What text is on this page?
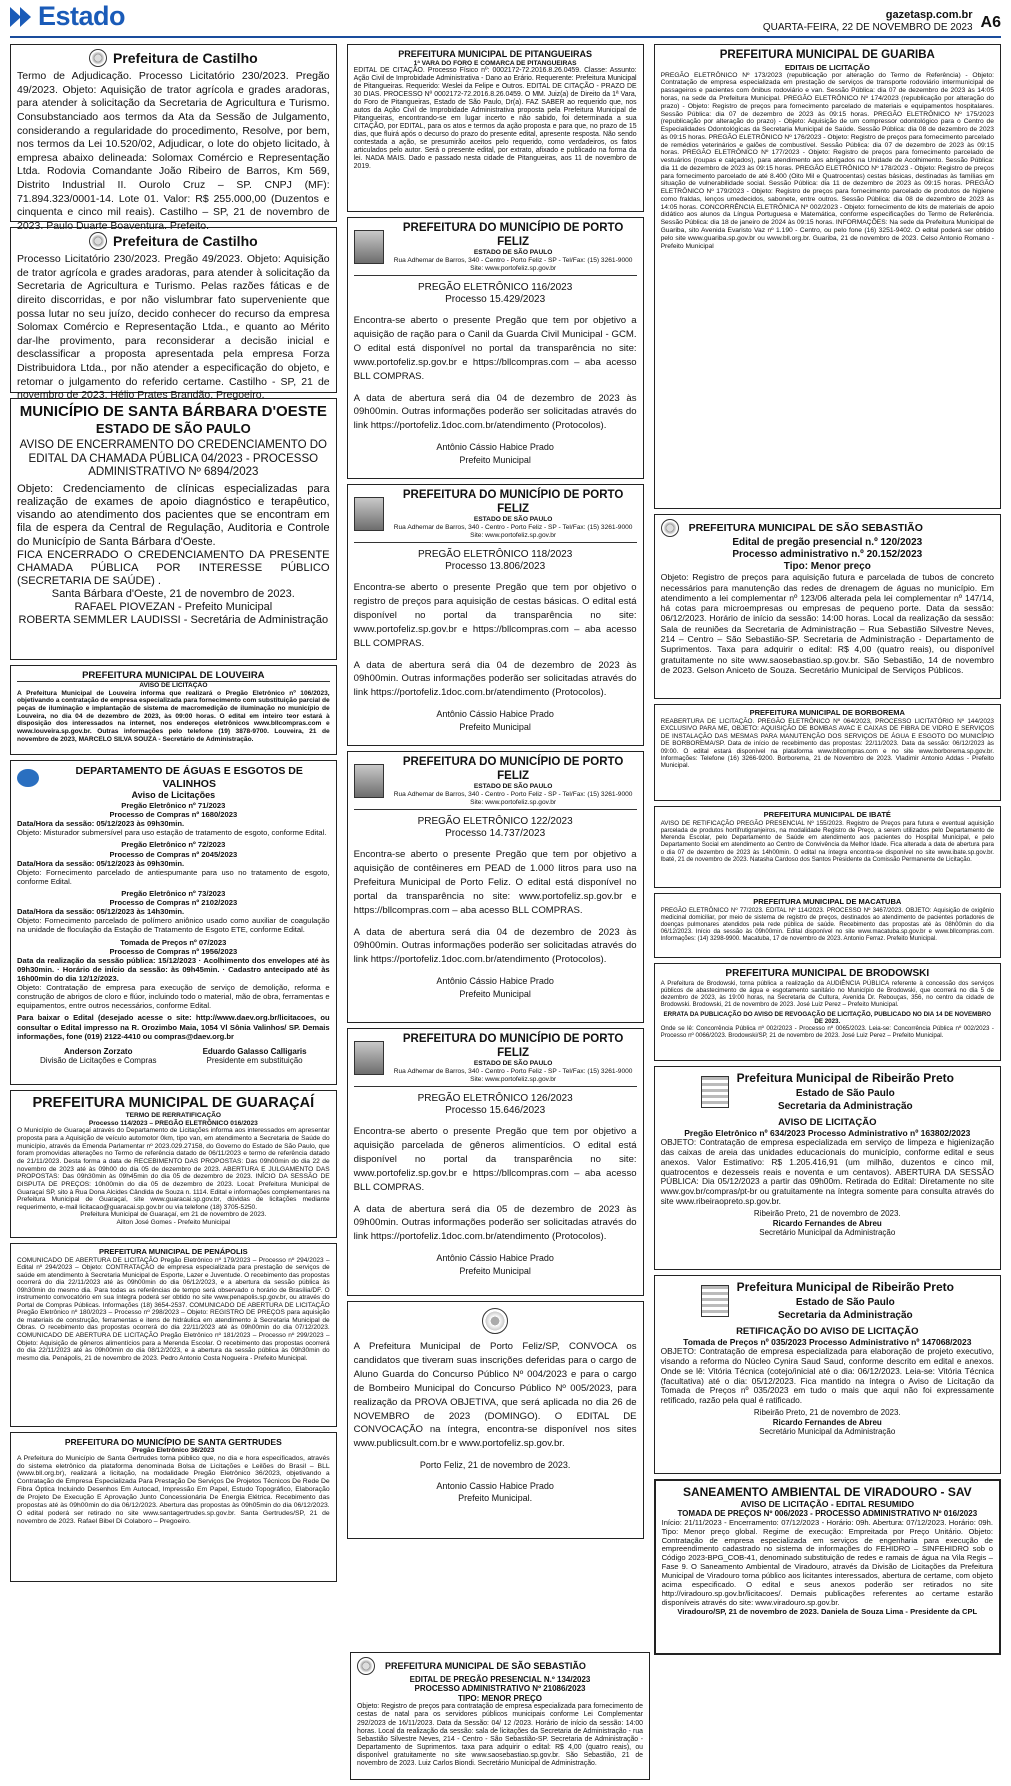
Estado	gazetasp.com.br
QUARTA-FEIRA, 22 DE NOVEMBRO DE 2023 A6
Prefeitura de Castilho

Termo de Adjudicação. Processo Licitatório 230/2023. Pregão 49/2023. Objeto: Aquisição de trator agrícola e grades aradoras, para atender à solicitação da Secretaria de Agricultura e Turismo. Consubstanciado aos termos da Ata da Sessão de Julgamento, considerando a regularidade do procedimento, Resolve, por bem, nos termos da Lei 10.520/02, Adjudicar, o lote do objeto licitado, à empresa abaixo delineada: Solomax Comércio e Representação Ltda. Rodovia Comandante João Ribeiro de Barros, Km 569, Distrito Industrial II. Ourolo Cruz – SP. CNPJ (MF): 71.894.323/0001-14. Lote 01. Valor: R$ 255.000,00 (Duzentos e cinquenta e cinco mil reais). Castilho – SP, 21 de novembro de 2023. Paulo Duarte Boaventura. Prefeito.

Prefeitura de Castilho

Processo Licitatório 230/2023. Pregão 49/2023. Objeto: Aquisição de trator agrícola e grades aradoras, para atender à solicitação da Secretaria de Agricultura e Turismo. Pelas razões fáticas e de direito discorridas, e por não vislumbrar fato superveniente que possa lutar no seu juízo, decido conhecer do recurso da empresa Solomax Comércio e Representação Ltda., e quanto ao Mérito dar-lhe provimento, para reconsiderar a decisão inicial e desclassificar a proposta apresentada pela empresa Forza Distribuidora Ltda., por não atender a especificação do objeto, e retomar o julgamento do referido certame. Castilho - SP, 21 de novembro de 2023. Hélio Prates Brandão. Pregoeiro.

MUNICÍPIO DE SANTA BÁRBARA D'OESTE
ESTADO DE SÃO PAULO
AVISO DE ENCERRAMENTO DO CREDENCIAMENTO DO EDITAL DA CHAMADA PÚBLICA 04/2023 - PROCESSO ADMINISTRATIVO Nº 6894/2023

Objeto: Credenciamento de clínicas especializadas para realização de exames de apoio diagnóstico e terapêutico, visando ao atendimento dos pacientes que se encontram em fila de espera da Central de Regulação, Auditoria e Controle do Município de Santa Bárbara d'Oeste.

FICA ENCERRADO O CREDENCIAMENTO DA PRESENTE CHAMADA PÚBLICA POR INTERESSE PÚBLICO (SECRETARIA DE SAÚDE) .

Santa Bárbara d'Oeste, 21 de novembro de 2023.
RAFAEL PIOVEZAN - Prefeito Municipal
ROBERTA SEMMLER LAUDISSI - Secretária de Administração
PREFEITURA MUNICIPAL DE LOUVEIRA
AVISO DE LICITAÇÃO

A Prefeitura Municipal de Louveira informa que realizará o Pregão Eletrônico nº 106/2023, objetivando a contratação de empresa especializada para fornecimento com substituição parcial de peças de iluminação e implantação de sistema de macromedição de iluminação no município de Louveira, no dia 04 de dezembro de 2023, às 09:00 horas. O edital em inteiro teor estará à disposição dos interessados na internet, nos endereços eletrônicos www.bllcompras.com e www.louveira.sp.gov.br. Outras informações pelo telefone (19) 3878-9700. Louveira, 21 de novembro de 2023, MARCELO SILVA SOUZA - Secretário de Administração.

DEPARTAMENTO DE ÁGUAS E ESGOTOS DE VALINHOS
Aviso de Licitações
Pregão Eletrônico nº 71/2023
Processo de Compras nº 1680/2023
Data/Hora da sessão: 05/12/2023 às 09h30min.

Objeto: Misturador submersível para uso estação de tratamento de esgoto, conforme Edital.

Pregão Eletrônico nº 72/2023
Processo de Compras nº 2045/2023
Data/Hora da sessão: 05/12/2023 às 09h30min.

Objeto: Fornecimento parcelado de antiespumante para uso no tratamento de esgoto, conforme Edital.

Pregão Eletrônico nº 73/2023
Processo de Compras nº 2102/2023
Data/Hora da sessão: 05/12/2023 às 14h30min.

Objeto: Fornecimento parcelado de polímero aniônico usado como auxiliar de coagulação na unidade de floculação da Estação de Tratamento de Esgoto ETE, conforme Edital.

Tomada de Preços nº 07/2023
Processo de Compras nº 1956/2023

Data da realização da sessão pública: 15/12/2023 · Acolhimento dos envelopes até às 09h30min. · Horário de início da sessão: às 09h45min. · Cadastro antecipado até às 16h00min do dia 12/12/2023.

Objeto: Contratação de empresa para execução de serviço de demolição, reforma e construção de abrigos de cloro e flúor, incluindo todo o material, mão de obra, ferramentas e equipamentos, entre outros necessários, conforme Edital.

Para baixar o Edital (desejado acesse o site: http://www.daev.org.br/licitacoes, ou consultar o Edital impresso na R. Orozimbo Maia, 1054 Vl Sônia Valinhos/ SP. Demais informações, fone (019) 2122-4410 ou compras@daev.org.br

Anderson Zorzato
Divisão de Licitações e Compras
Eduardo Galasso Calligaris
Presidente em substituição
PREFEITURA MUNICIPAL DE GUARAÇAÍ
TERMO DE RERRATIFICAÇÃO
Processo 114/2023 – PREGÃO ELETRÔNICO 016/2023

O Município de Guaraçaí através do Departamento de Licitações informa aos interessados em apresentar proposta para a Aquisição de veículo automotor 0km, tipo van, em atendimento a Secretaria de Saúde do município, através da Emenda Parlamentar nº 2023.029.27158, do Governo do Estado de São Paulo, que foram promovidas alterações no Termo de referência datado de 06/11/2023 e termo de referência datado de 21/11/2023. Desta forma a data de RECEBIMENTO DAS PROPOSTAS: Das 09h00min do dia 22 de novembro de 2023 até às 09h00 do dia 05 de dezembro de 2023. ABERTURA E JULGAMENTO DAS PROPOSTAS: Das 09h30min às 09h45min do dia 05 de dezembro de 2023. INÍCIO DA SESSÃO DE DISPUTA DE PREÇOS: 10h00min do dia 05 de dezembro de 2023. Local: Prefeitura Municipal de Guaraçaí SP, sito à Rua Dona Alcides Cândida de Souza n. 1114. Edital e informações complementares na Prefeitura Municipal de Guaraçaí, site www.guaracai.sp.gov.br, dúvidas de licitações mediante requerimento, e-mail licitacao@guaracai.sp.gov.br ou via telefone (18) 3705-5250.

Prefeitura Municipal de Guaraçaí, em 21 de novembro de 2023.
Ailton José Gomes - Prefeito Municipal
PREFEITURA MUNICIPAL DE PENÁPOLIS

COMUNICADO DE ABERTURA DE LICITAÇÃO Pregão Eletrônico nº 179/2023 – Processo nº 294/2023 – Edital nº 294/2023 – Objeto: CONTRATAÇÃO de empresa especializada para prestação de serviços de saúde em atendimento à Secretaria Municipal de Esporte, Lazer e Juventude. O recebimento das propostas ocorrerá do dia 22/11/2023 até às 09h00min do dia 06/12/2023, e a abertura da sessão pública às 09h30min do mesmo dia. Para todas as referências de tempo será observado o horário de Brasília/DF. O instrumento convocatório em sua íntegra poderá ser obtido no site www.penapolis.sp.gov.br, ou através do Portal de Compras Públicas. Informações (18) 3654-2537. COMUNICADO DE ABERTURA DE LICITAÇÃO Pregão Eletrônico nº 180/2023 – Processo nº 298/2023 – Objeto: REGISTRO DE PREÇOS para aquisição de materiais de construção, ferramentas e itens de hidráulica em atendimento à Secretaria Municipal de Obras. O recebimento das propostas ocorrerá do dia 22/11/2023 até às 09h00min do dia 07/12/2023. COMUNICADO DE ABERTURA DE LICITAÇÃO Pregão Eletrônico nº 181/2023 – Processo nº 299/2023 – Objeto: Aquisição de gêneros alimentícios para a Merenda Escolar. O recebimento das propostas ocorrerá do dia 22/11/2023 até às 09h00min do dia 08/12/2023, e a abertura da sessão pública às 09h30min do mesmo dia. Penápolis, 21 de novembro de 2023. Pedro Antonio Costa Nogueira - Prefeito Municipal.

PREFEITURA DO MUNICÍPIO DE SANTA GERTRUDES
Pregão Eletrônico 36/2023

A Prefeitura do Município de Santa Gertrudes torna público que, no dia e hora especificados, através do sistema eletrônico da plataforma denominada Bolsa de Licitações e Leilões do Brasil – BLL (www.bll.org.br), realizará a licitação, na modalidade Pregão Eletrônico 36/2023, objetivando a Contratação de Empresa Especializada Para Prestação De Serviços De Projetos Técnicos De Rede De Fibra Óptica Incluindo Desenhos Em Autocad, Impressão Em Papel, Estudo Topográfico, Elaboração de Projeto De Execução E Aprovação Junto Concessionária De Energia Elétrica. Recebimento das propostas até às 09h00min do dia 06/12/2023. Abertura das propostas às 09h05min do dia 06/12/2023. O edital poderá ser retirado no site www.santagertrudes.sp.gov.br. Santa Gertrudes/SP, 21 de novembro de 2023. Rafael Bibel Di Colaboro – Pregoeiro.

PREFEITURA MUNICIPAL DE PITANGUEIRAS
1ª VARA DO FORO E COMARCA DE PITANGUEIRAS

EDITAL DE CITAÇÃO. Processo Físico nº: 0002172-72.2016.8.26.0459. Classe: Assunto: Ação Civil de Improbidade Administrativa - Dano ao Erário. Requerente: Prefeitura Municipal de Pitangueiras. Requerido: Weslei da Felipe e Outros. EDITAL DE CITAÇÃO - PRAZO DE 30 DIAS. PROCESSO Nº 0002172-72.2016.8.26.0459. O MM. Juiz(a) de Direito da 1ª Vara, do Foro de Pitangueiras, Estado de São Paulo, Dr(a). FAZ SABER ao requerido que, nos autos da Ação Civil de Improbidade Administrativa proposta pela Prefeitura Municipal de Pitangueiras, encontrando-se em lugar incerto e não sabido, foi determinada a sua CITAÇÃO, por EDITAL, para os atos e termos da ação proposta e para que, no prazo de 15 dias, que fluirá após o decurso do prazo do presente edital, apresente resposta. Não sendo contestada a ação, se presumirão aceitos pelo requerido, como verdadeiros, os fatos articulados pelo autor. Será o presente edital, por extrato, afixado e publicado na forma da lei. NADA MAIS. Dado e passado nesta cidade de Pitangueiras, aos 11 de novembro de 2019.

PREFEITURA DO MUNICÍPIO DE PORTO FELIZ
ESTADO DE SÃO PAULO
Rua Adhemar de Barros, 340 - Centro - Porto Feliz - SP - Tel/Fax: (15) 3261-9000
Site: www.portofeliz.sp.gov.br
PREGÃO ELETRÔNICO 116/2023
Processo 15.429/2023

Encontra-se aberto o presente Pregão que tem por objetivo a aquisição de ração para o Canil da Guarda Civil Municipal - GCM. O edital está disponível no portal da transparência no site: www.portofeliz.sp.gov.br e https://bllcompras.com – aba acesso BLL COMPRAS.

A data de abertura será dia 04 de dezembro de 2023 às 09h00min. Outras informações poderão ser solicitadas através do link https://portofeliz.1doc.com.br/atendimento (Protocolos).

Antônio Cássio Habice Prado
Prefeito Municipal
PREFEITURA DO MUNICÍPIO DE PORTO FELIZ
ESTADO DE SÃO PAULO
Rua Adhemar de Barros, 340 - Centro - Porto Feliz - SP - Tel/Fax: (15) 3261-9000
Site: www.portofeliz.sp.gov.br
PREGÃO ELETRÔNICO 118/2023
Processo 13.806/2023

Encontra-se aberto o presente Pregão que tem por objetivo o registro de preços para aquisição de cestas básicas. O edital está disponível no portal da transparência no site: www.portofeliz.sp.gov.br e https://bllcompras.com – aba acesso BLL COMPRAS.

A data de abertura será dia 04 de dezembro de 2023 às 09h00min. Outras informações poderão ser solicitadas através do link https://portofeliz.1doc.com.br/atendimento (Protocolos).

Antônio Cássio Habice Prado
Prefeito Municipal
PREFEITURA DO MUNICÍPIO DE PORTO FELIZ
ESTADO DE SÃO PAULO
Rua Adhemar de Barros, 340 - Centro - Porto Feliz - SP - Tel/Fax: (15) 3261-9000
Site: www.portofeliz.sp.gov.br
PREGÃO ELETRÔNICO 122/2023
Processo 14.737/2023

Encontra-se aberto o presente Pregão que tem por objetivo a aquisição de contêineres em PEAD de 1.000 litros para uso na Prefeitura Municipal de Porto Feliz. O edital está disponível no portal da transparência no site: www.portofeliz.sp.gov.br e https://bllcompras.com – aba acesso BLL COMPRAS.

A data de abertura será dia 04 de dezembro de 2023 às 09h00min. Outras informações poderão ser solicitadas através do link https://portofeliz.1doc.com.br/atendimento (Protocolos).

Antônio Cássio Habice Prado
Prefeito Municipal
PREFEITURA DO MUNICÍPIO DE PORTO FELIZ
ESTADO DE SÃO PAULO
Rua Adhemar de Barros, 340 - Centro - Porto Feliz - SP - Tel/Fax: (15) 3261-9000
Site: www.portofeliz.sp.gov.br
PREGÃO ELETRÔNICO 126/2023
Processo 15.646/2023

Encontra-se aberto o presente Pregão que tem por objetivo a aquisição parcelada de gêneros alimentícios. O edital está disponível no portal da transparência no site: www.portofeliz.sp.gov.br e https://bllcompras.com – aba acesso BLL COMPRAS.

A data de abertura será dia 05 de dezembro de 2023 às 09h00min. Outras informações poderão ser solicitadas através do link https://portofeliz.1doc.com.br/atendimento (Protocolos).

Antônio Cássio Habice Prado
Prefeito Municipal

A Prefeitura Municipal de Porto Feliz/SP, CONVOCA os candidatos que tiveram suas inscrições deferidas para o cargo de Aluno Guarda do Concurso Público Nº 004/2023 e para o cargo de Bombeiro Municipal do Concurso Público Nº 005/2023, para realização da PROVA OBJETIVA, que será aplicada no dia 26 de NOVEMBRO de 2023 (DOMINGO). O EDITAL DE CONVOCAÇÃO na íntegra, encontra-se disponível nos sites www.publicsult.com.br e www.portofeliz.sp.gov.br.

Porto Feliz, 21 de novembro de 2023.
Antonio Cassio Habice Prado
Prefeito Municipal.
PREFEITURA MUNICIPAL DE GUARIBA
EDITAIS DE LICITAÇÃO

PREGÃO ELETRÔNICO Nº 173/2023 (republicação por alteração do Termo de Referência) - Objeto: Contratação de empresa especializada em prestação de serviços de transporte rodoviário intermunicipal de passageiros e pacientes com ônibus rodoviário e van. Sessão Pública: dia 07 de dezembro de 2023 às 14:05 horas, na sede da Prefeitura Municipal. PREGÃO ELETRÔNICO Nº 174/2023 (republicação por alteração do prazo) - Objeto: Registro de preços para fornecimento parcelado de materiais e equipamentos hospitalares. Sessão Pública: dia 07 de dezembro de 2023 às 09:15 horas. PREGÃO ELETRÔNICO Nº 175/2023 (republicação por alteração do prazo) - Objeto: Aquisição de um compressor odontológico para o Centro de Especialidades Odontológicas da Secretaria Municipal de Saúde. Sessão Pública: dia 08 de dezembro de 2023 às 09:15 horas. PREGÃO ELETRÔNICO Nº 176/2023 - Objeto: Registro de preços para fornecimento parcelado de remédios veterinários e galões de combustível. Sessão Pública: dia 07 de dezembro de 2023 às 09:15 horas. PREGÃO ELETRÔNICO Nº 177/2023 - Objeto: Registro de preços para fornecimento parcelado de vestuários (roupas e calçados), para atendimento aos abrigados na Unidade de Acolhimento. Sessão Pública: dia 11 de dezembro de 2023 às 09:15 horas. PREGÃO ELETRÔNICO Nº 178/2023 - Objeto: Registro de preços para fornecimento parcelado de até 8.400 (Oito Mil e Quatrocentas) cestas básicas, destinadas às famílias em situação de vulnerabilidade social. Sessão Pública: dia 11 de dezembro de 2023 às 09:15 horas. PREGÃO ELETRÔNICO Nº 179/2023 - Objeto: Registro de preços para fornecimento parcelado de produtos de higiene como fraldas, lenços umedecidos, sabonete, entre outros. Sessão Pública: dia 08 de dezembro de 2023 às 14:05 horas. CONCORRÊNCIA ELETRÔNICA Nº 002/2023 - Objeto: fornecimento de kits de materiais de apoio didático aos alunos da Língua Portuguesa e Matemática, conforme especificações do Termo de Referência. Sessão Pública: dia 18 de janeiro de 2024 às 09:15 horas. INFORMAÇÕES: Na sede da Prefeitura Municipal de Guariba, sito Avenida Evaristo Vaz nº 1.190 - Centro, ou pelo fone (16) 3251-9402. O edital poderá ser obtido pelo site www.guariba.sp.gov.br ou www.bll.org.br. Guariba, 21 de novembro de 2023. Celso Antonio Romano - Prefeito Municipal

PREFEITURA MUNICIPAL DE SÃO SEBASTIÃO
Edital de pregão presencial n.º 120/2023
Processo administrativo n.º 20.152/2023
Tipo: Menor preço

Objeto: Registro de preços para aquisição futura e parcelada de tubos de concreto necessários para manutenção das redes de drenagem de águas no município. Em atendimento a lei complementar nº 123/06 alterada pela lei complementar nº 147/14, há cotas para microempresas ou empresas de pequeno porte. Data da sessão: 06/12/2023. Horário de início da sessão: 14:00 horas. Local da realização da sessão: Sala de reuniões da Secretaria de Administração – Rua Sebastião Silvestre Neves, 214 – Centro – São Sebastião-SP. Secretaria de Administração - Departamento de Suprimentos. Taxa para adquirir o edital: R$ 4,00 (quatro reais), ou disponível gratuitamente no site www.saosebastiao.sp.gov.br. São Sebastião, 14 de novembro de 2023. Gelson Aniceto de Souza. Secretário Municipal de Serviços Públicos.

PREFEITURA MUNICIPAL DE BORBOREMA

REABERTURA DE LICITAÇÃO. PREGÃO ELETRÔNICO Nº 064/2023, PROCESSO LICITATÓRIO Nº 144/2023 EXCLUSIVO PARA ME, OBJETO: AQUISIÇÃO DE BOMBAS AVAC E CAIXAS DE FIBRA DE VIDRO E SERVIÇOS DE INSTALAÇÃO DAS MESMAS PARA MANUTENÇÃO DOS SERVIÇOS DE ÁGUA E ESGOTO DO MUNICÍPIO DE BORBOREMA/SP. Data de início de recebimento das propostas: 22/11/2023. Data da sessão: 06/12/2023 às 09:00. O edital estará disponível na plataforma www.bllcompras.com e no site www.borborema.sp.gov.br. Informações: Telefone (16) 3266-9200. Borborema, 21 de Novembro de 2023. Vladimir Antonio Addas - Prefeito Municipal.

PREFEITURA MUNICIPAL DE IBATÉ

AVISO DE RETIFICAÇÃO PREGÃO PRESENCIAL Nº 155/2023. Registro de Preços para futura e eventual aquisição parcelada de produtos hortifrutigranjeiros, na modalidade Registro de Preço, a serem utilizados pelo Departamento de Merenda Escolar, pelo Departamento de Saúde em atendimento aos pacientes do Hospital Municipal, e pelo Departamento Social em atendimento ao Centro de Convivência da Melhor Idade. Fica alterada a data de abertura para o dia 07 de dezembro de 2023 às 14h00min. O edital na íntegra encontra-se disponível no site www.ibate.sp.gov.br. Ibaté, 21 de novembro de 2023. Natasha Cardoso dos Santos Presidente da Comissão Permanente de Licitação.

PREFEITURA MUNICIPAL DE MACATUBA

PREGÃO ELETRÔNICO Nº 77/2023. EDITAL Nº 114/2023. PROCESSO Nº 3467/2023. OBJETO: Aquisição de oxigênio medicinal domiciliar, por meio de sistema de registro de preços, destinados ao atendimento de pacientes portadores de doenças pulmonares atendidos pela rede pública de saúde. Recebimento das propostas até às 08h00min do dia 06/12/2023. Início da sessão às 09h00min. Edital disponível no site www.macatuba.sp.gov.br e www.bllcompras.com. Informações: (14) 3298-9900. Macatuba, 17 de novembro de 2023. Antonio Ferraz. Prefeito Municipal.

PREFEITURA MUNICIPAL DE BRODOWSKI

A Prefeitura de Brodowski, torna pública a realização da AUDIÊNCIA PÚBLICA referente à concessão dos serviços públicos de abastecimento de água e esgotamento sanitário no Município de Brodowski, que ocorrerá no dia 5 de dezembro de 2023, às 19:00 horas, na Secretaria de Cultura, Avenida Dr. Rebouças, 356, no centro da cidade de Brodowski. Brodowski, 21 de novembro de 2023. José Luiz Perez – Prefeito Municipal.

ERRATA DA PUBLICAÇÃO DO AVISO DE REVOGAÇÃO DE LICITAÇÃO, PUBLICADO NO DIA 14 DE NOVEMBRO DE 2023.

Onde se lê: Concorrência Pública nº 002/2023 - Processo nº 0065/2023. Leia-se: Concorrência Pública nº 002/2023 - Processo nº 0066/2023. Brodowski/SP, 21 de novembro de 2023. José Luiz Perez – Prefeito Municipal.

Prefeitura Municipal de Ribeirão Preto
Estado de São Paulo
Secretaria da Administração
AVISO DE LICITAÇÃO
Pregão Eletrônico nº 634/2023 Processo Administrativo nº 163802/2023

OBJETO: Contratação de empresa especializada em serviço de limpeza e higienização das caixas de areia das unidades educacionais do município, conforme edital e seus anexos. Valor Estimativo: R$ 1.205.416,91 (um milhão, duzentos e cinco mil, quatrocentos e dezesseis reais e noventa e um centavos). ABERTURA DA SESSÃO PÚBLICA: Dia 05/12/2023 a partir das 09h00m. Retirada do Edital: Diretamente no site www.gov.br/compras/pt-br ou gratuitamente na íntegra somente para consulta através do site www.ribeiraopreto.sp.gov.br.

Ribeirão Preto, 21 de novembro de 2023.
Ricardo Fernandes de Abreu
Secretário Municipal da Administração
Prefeitura Municipal de Ribeirão Preto
Estado de São Paulo
Secretaria da Administração
RETIFICAÇÃO DO AVISO DE LICITAÇÃO
Tomada de Preços nº 035/2023 Processo Administrativo nº 147068/2023

OBJETO: Contratação de empresa especializada para elaboração de projeto executivo, visando a reforma do Núcleo Cynira Saud Saud, conforme descrito em edital e anexos. Onde se lê: Vitória Técnica (cotejo/inicial até o dia: 06/12/2023. Leia-se: Vitória Técnica (facultativa) até o dia: 05/12/2023. Fica mantido na íntegra o Aviso de Licitação da Tomada de Preços nº 035/2023 em tudo o mais que aqui não foi expressamente retificado, razão pela qual é ratificado.

Ribeirão Preto, 21 de novembro de 2023.
Ricardo Fernandes de Abreu
Secretário Municipal da Administração
SANEAMENTO AMBIENTAL DE VIRADOURO - SAV
AVISO DE LICITAÇÃO - EDITAL RESUMIDO
TOMADA DE PREÇOS Nº 006/2023 - PROCESSO ADMINISTRATIVO Nº 016/2023

Início: 21/11/2023 - Encerramento: 07/12/2023 - Horário: 09h. Abertura: 07/12/2023. Horário: 09h. Tipo: Menor preço global. Regime de execução: Empreitada por Preço Unitário. Objeto: Contratação de empresa especializada em serviços de engenharia para execução de empreendimento cadastrado no sistema de informações do FEHIDRO – SINFEHIDRO sob o Código 2023-BPG_COB-41, denominado substituição de redes e ramais de água na Vila Regis – Fase 9. O Saneamento Ambiental de Viradouro, através da Divisão de Licitações da Prefeitura Municipal de Viradouro torna público aos licitantes interessados, abertura de certame, com objeto acima especificado. O edital e seus anexos poderão ser retirados no site http://viradouro.sp.gov.br/licitacoes/. Demais publicações referentes ao certame estarão disponíveis através do site: www.viradouro.sp.gov.br.

Viradouro/SP, 21 de novembro de 2023. Daniela de Souza Lima - Presidente da CPL
PREFEITURA MUNICIPAL DE SÃO SEBASTIÃO
EDITAL DE PREGÃO PRESENCIAL N.º 134/2023
PROCESSO ADMINISTRATIVO Nº 21086/2023
TIPO: MENOR PREÇO

Objeto: Registro de preços para contratação de empresa especializada para fornecimento de cestas de natal para os servidores públicos municipais conforme Lei Complementar 292/2023 de 16/11/2023. Data da Sessão: 04/ 12 /2023. Horário de início da sessão: 14:00 horas. Local da realização da sessão: sala de licitações da Secretaria de Administração - rua Sebastião Silvestre Neves, 214 - Centro - São Sebastião-SP. Secretaria de Administração - Departamento de Suprimentos. taxa para adquirir o edital: R$ 4,00 (quatro reais), ou disponível gratuitamente no site www.saosebastiao.sp.gov.br. São Sebastião, 21 de novembro de 2023. Luiz Carlos Biondi. Secretário Municipal de Administração.
